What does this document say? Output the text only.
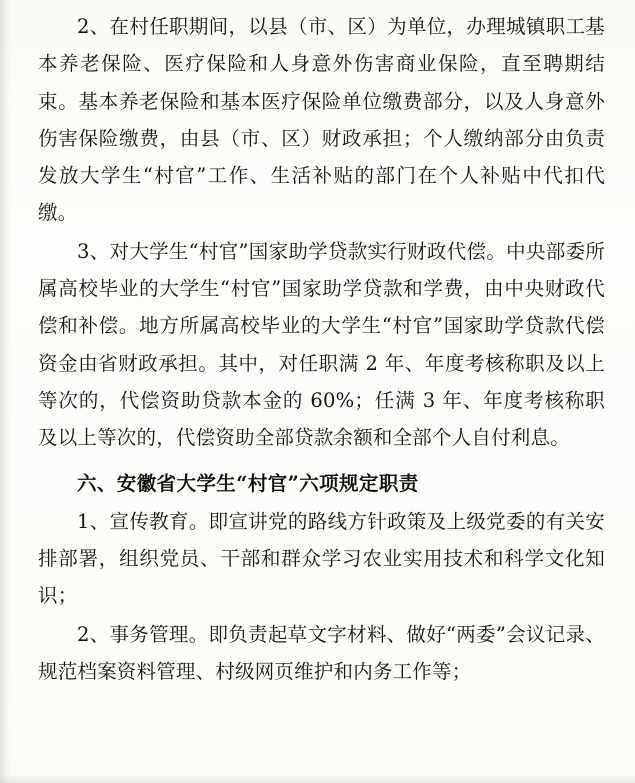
2、在村任职期间，以县（市、区）为单位，办理城镇职工基本养老保险、医疗保险和人身意外伤害商业保险，直至聘期结束。基本养老保险和基本医疗保险单位缴费部分，以及人身意外伤害保险缴费，由县（市、区）财政承担；个人缴纳部分由负责发放大学生“村官”工作、生活补贴的部门在个人补贴中代扣代缴。

3、对大学生“村官”国家助学贷款实行财政代偿。中央部委所属高校毕业的大学生“村官”国家助学贷款和学费，由中央财政代偿和补偿。地方所属高校毕业的大学生“村官”国家助学贷款代偿资金由省财政承担。其中，对任职满 2 年、年度考核称职及以上等次的，代偿资助贷款本金的 60%；任满 3 年、年度考核称职及以上等次的，代偿资助全部贷款余额和全部个人自付利息。

六、安徽省大学生“村官”六项规定职责

1、宣传教育。即宣讲党的路线方针政策及上级党委的有关安排部署，组织党员、干部和群众学习农业实用技术和科学文化知识；

2、事务管理。即负责起草文字材料、做好“两委”会议记录、规范档案资料管理、村级网页维护和内务工作等；
